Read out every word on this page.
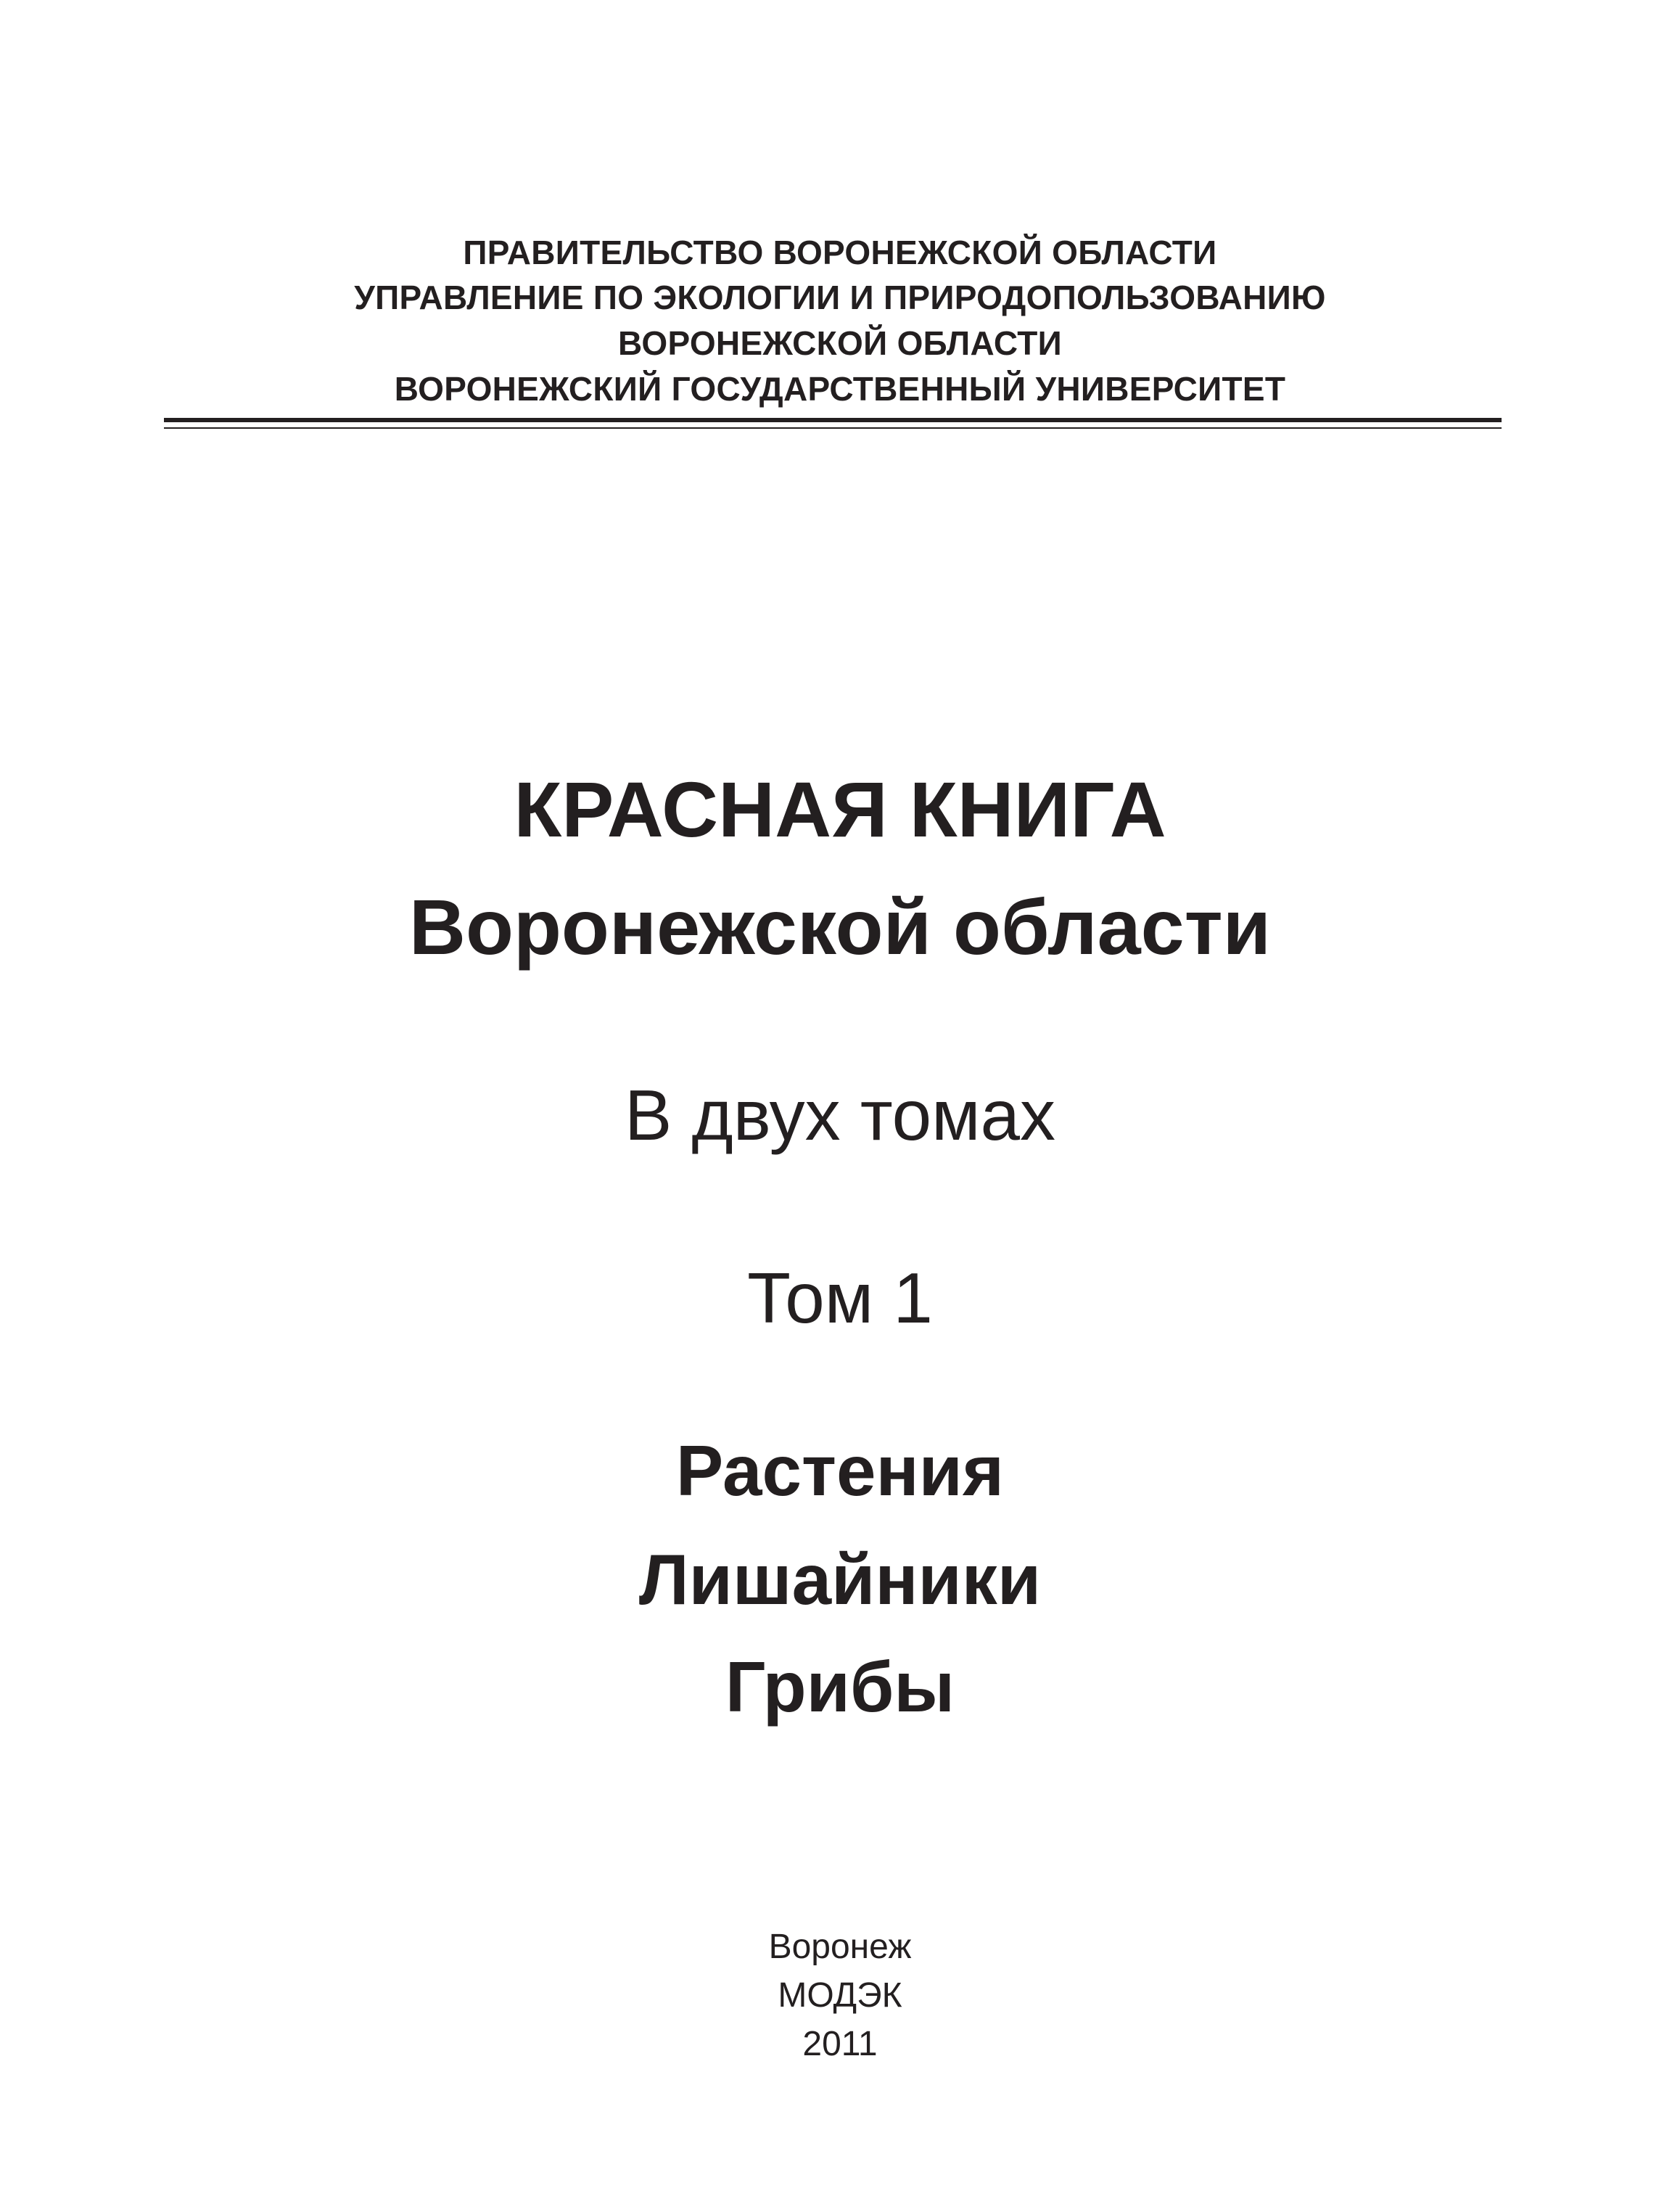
ПРАВИТЕЛЬСТВО ВОРОНЕЖСКОЙ ОБЛАСТИ
УПРАВЛЕНИЕ ПО ЭКОЛОГИИ И ПРИРОДОПОЛЬЗОВАНИЮ
ВОРОНЕЖСКОЙ ОБЛАСТИ
ВОРОНЕЖСКИЙ ГОСУДАРСТВЕННЫЙ УНИВЕРСИТЕТ
КРАСНАЯ КНИГА
Воронежской области
В двух томах
Том 1
Растения
Лишайники
Грибы
Воронеж
МОДЭК
2011
